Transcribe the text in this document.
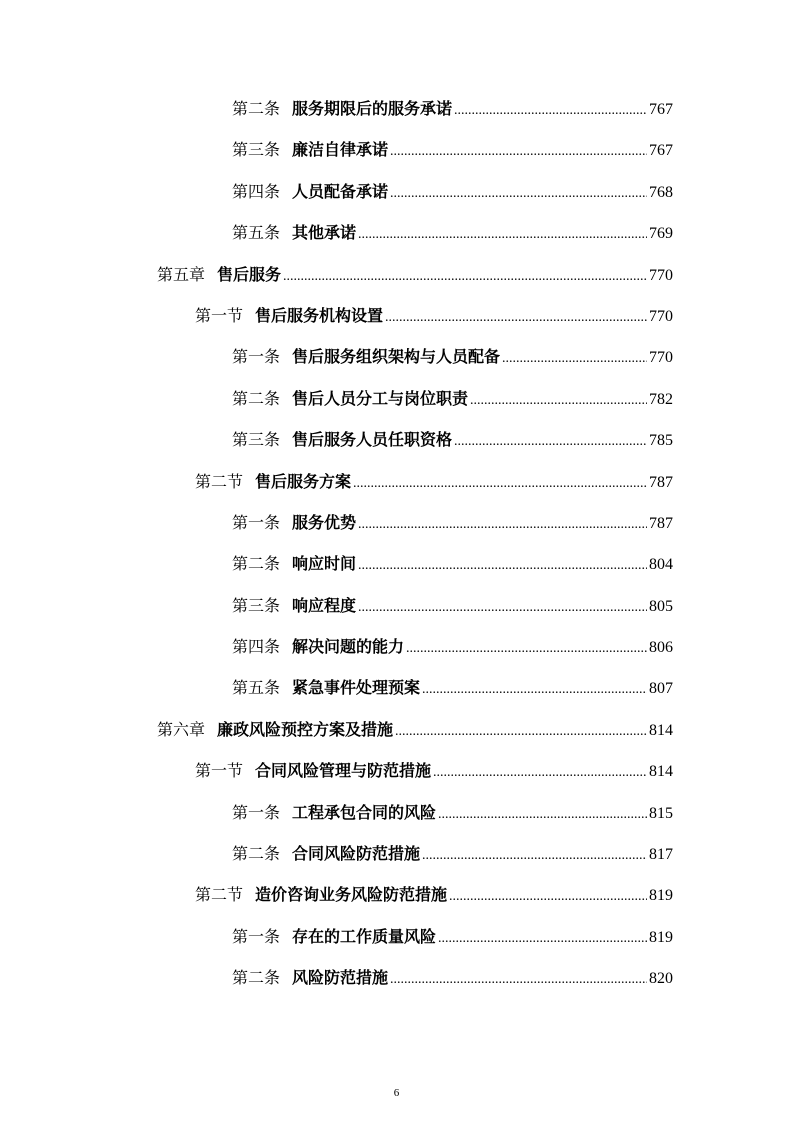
第二条 服务期限后的服务承诺 .....	767
第三条 廉洁自律承诺 .....	767
第四条 人员配备承诺 .....	768
第五条 其他承诺 .....	769
第五章 售后服务 .....	770
第一节 售后服务机构设置 .....	770
第一条 售后服务组织架构与人员配备 .....	770
第二条 售后人员分工与岗位职责 .....	782
第三条 售后服务人员任职资格 .....	785
第二节 售后服务方案 .....	787
第一条 服务优势 .....	787
第二条 响应时间 .....	804
第三条 响应程度 .....	805
第四条 解决问题的能力 .....	806
第五条 紧急事件处理预案 .....	807
第六章 廉政风险预控方案及措施 .....	814
第一节 合同风险管理与防范措施 .....	814
第一条 工程承包合同的风险 .....	815
第二条 合同风险防范措施 .....	817
第二节 造价咨询业务风险防范措施 .....	819
第一条 存在的工作质量风险 .....	819
第二条 风险防范措施 .....	820
6
